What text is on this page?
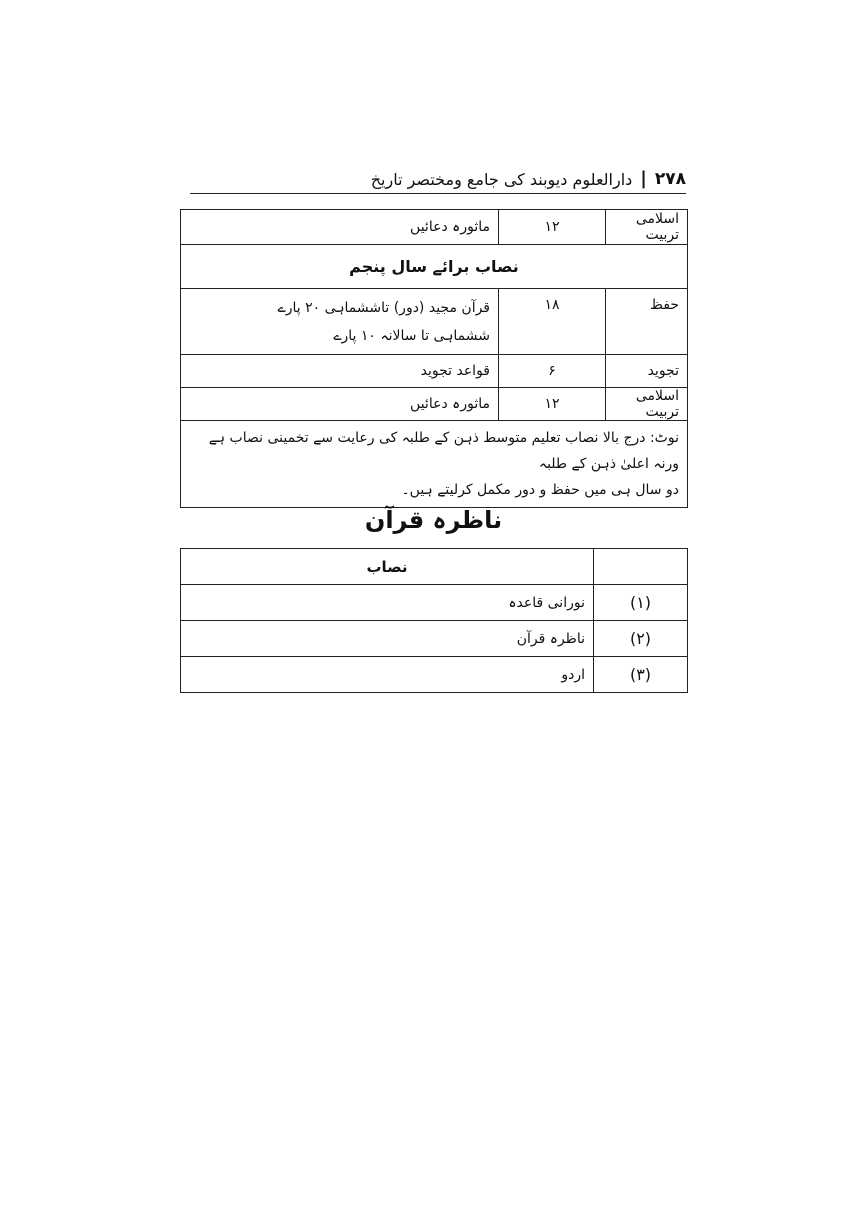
۲۷۸
|
دارالعلوم دیوبند کی جامع ومختصر تاریخ
اسلامی تربیت	۱۲	ماثورہ دعائیں
نصاب برائے سال پنجم		
حفظ	۱۸	قرآن مجید (دور) تاششماہی ۲۰ پارے
ششماہی تا سالانہ ۱۰ پارے

تجوید	۶	قواعد تجوید
اسلامی تربیت	۱۲	ماثورہ دعائیں

نوٹ: درج بالا نصاب تعلیم متوسط ذہن کے طلبہ کی رعایت سے تخمینی نصاب ہے ورنہ اعلیٰ ذہن کے طلبہ
دو سال ہی میں حفظ و دور مکمل کرلیتے ہیں۔		
ناظرہ قرآن
	نصاب
(۱)	نورانی قاعدہ
(۲)	ناظرہ قرآن
(۳)	اردو
